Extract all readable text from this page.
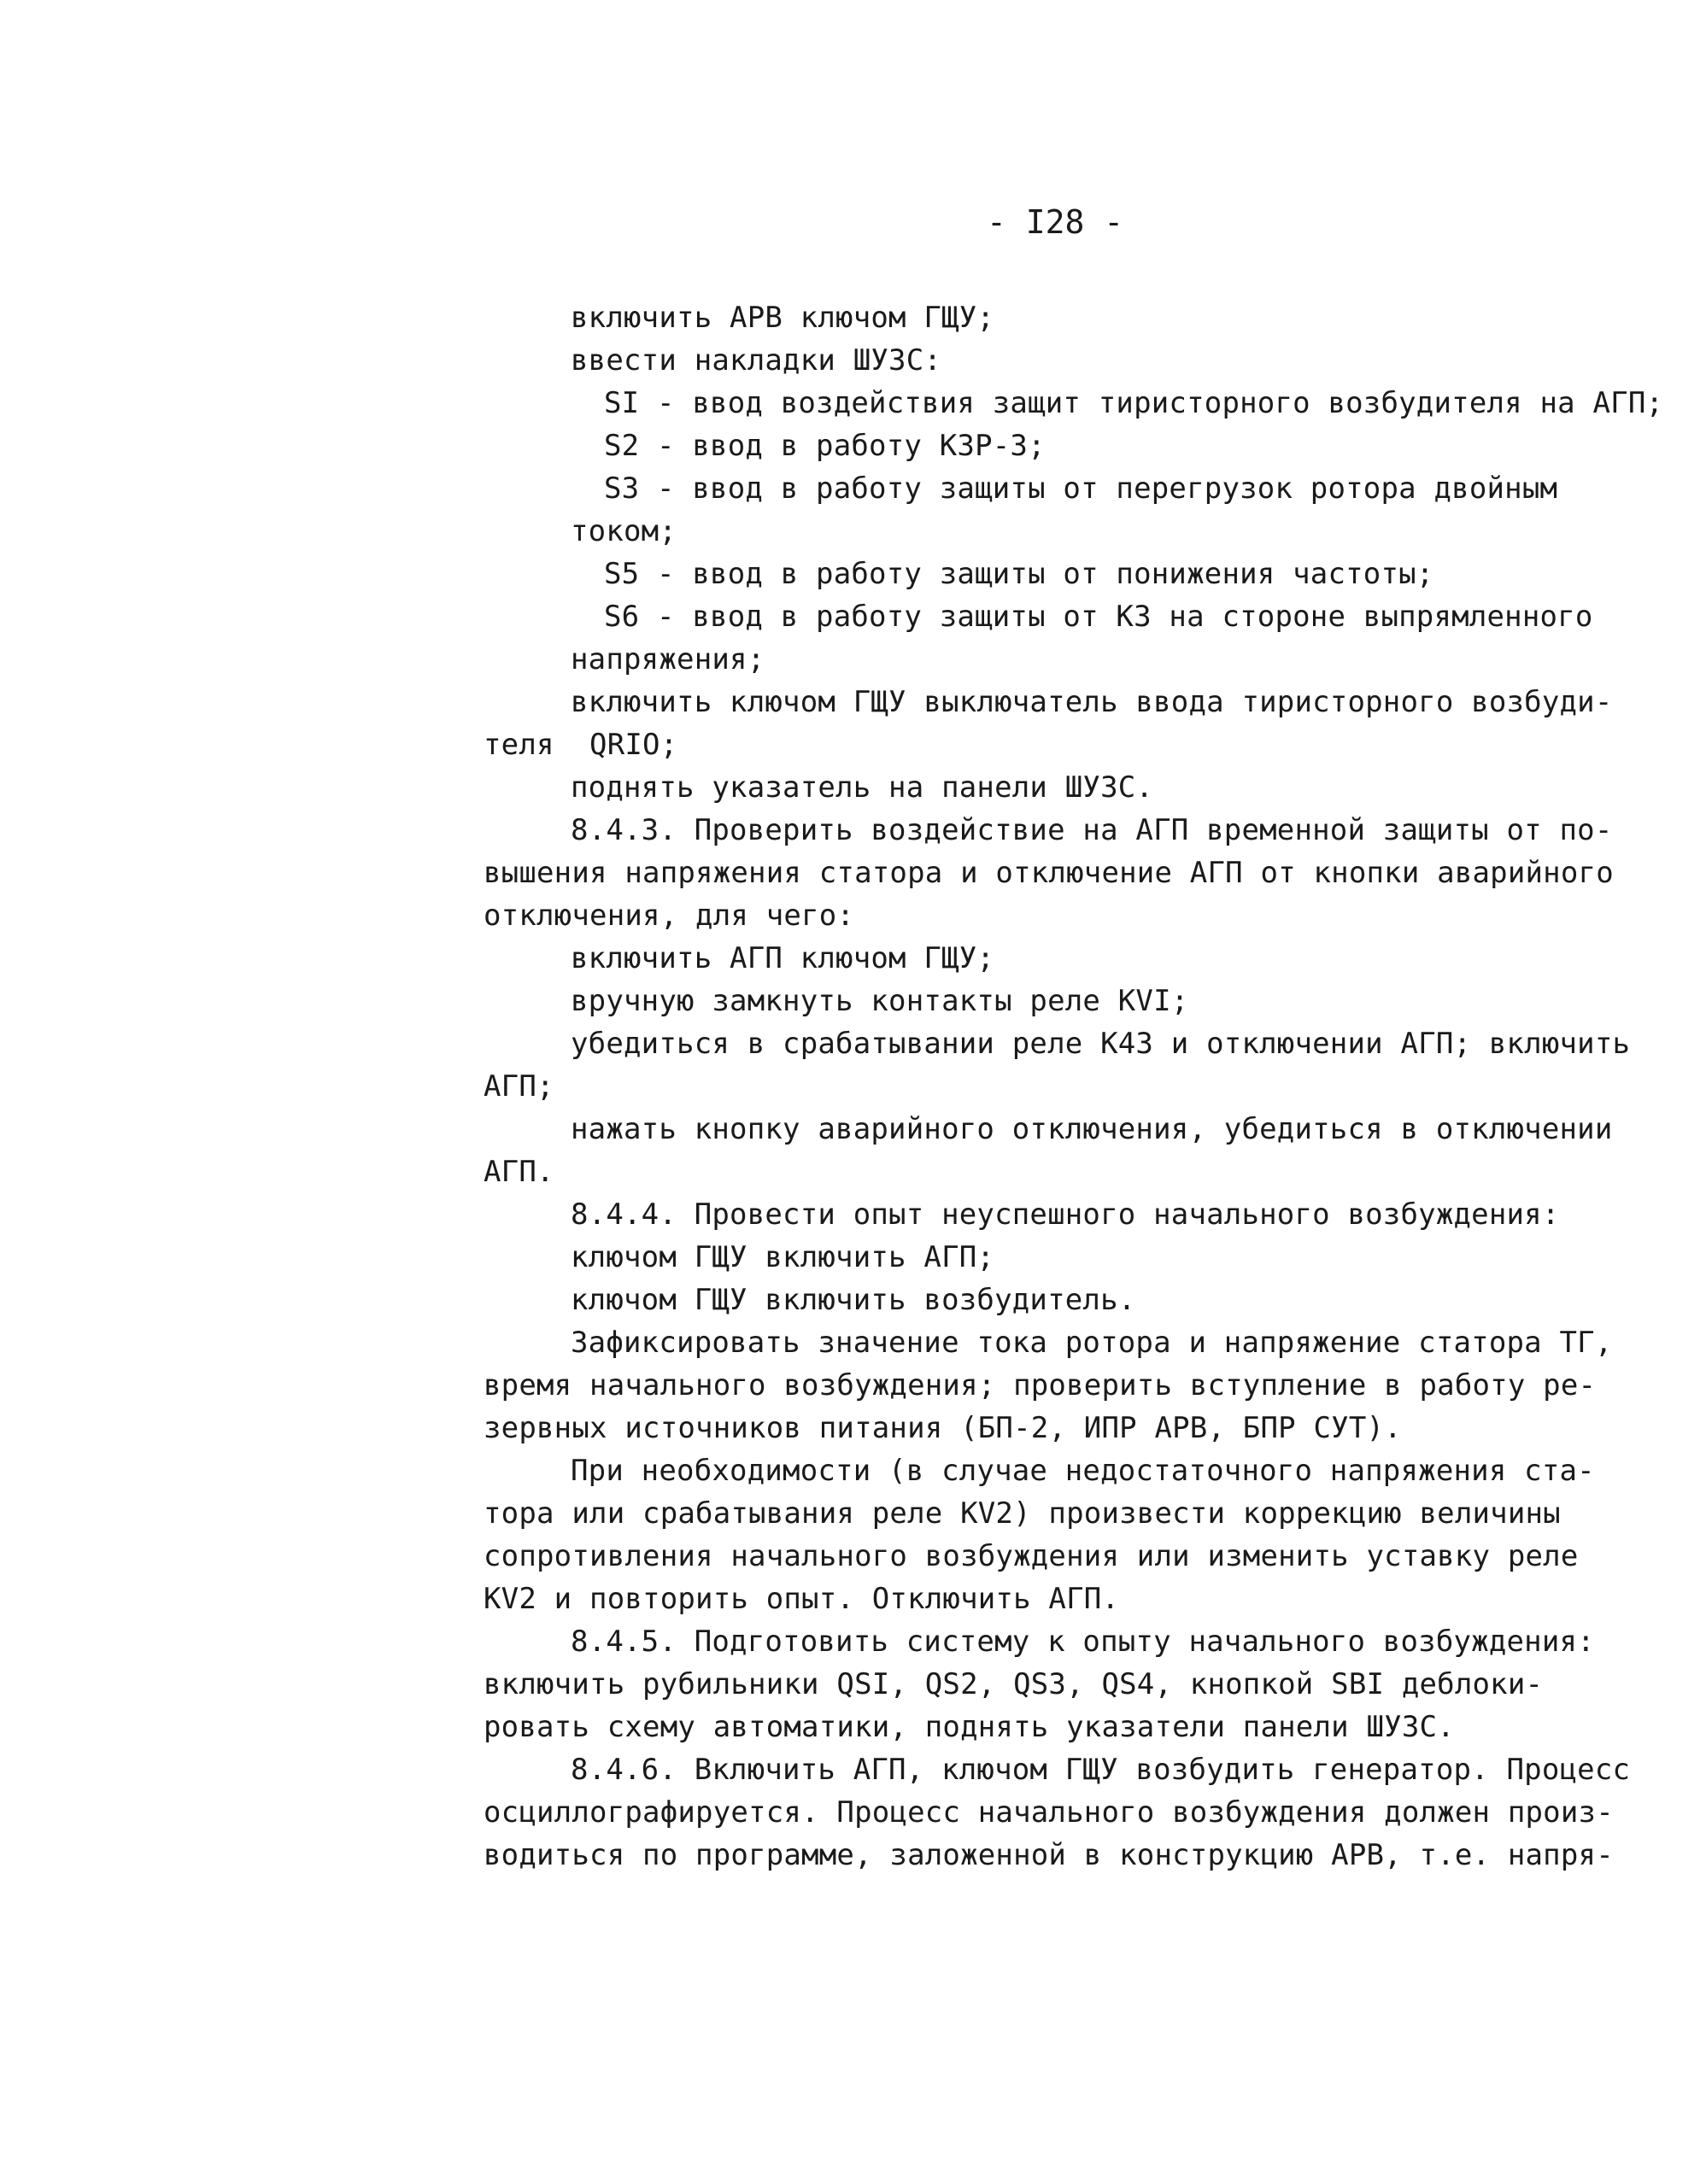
- I28 -
включить АРВ ключом ГЩУ;
ввести накладки ШУЗС:
SI - ввод воздействия защит тиристорного возбудителя на АГП;
S2 - ввод в работу КЗР-3;
S3 - ввод в работу защиты от перегрузок ротора двойным
током;
S5 - ввод в работу защиты от понижения частоты;
S6 - ввод в работу защиты от КЗ на стороне выпрямленного
напряжения;
включить ключом ГЩУ выключатель ввода тиристорного возбуди-
теля  QRIO;
поднять указатель на панели ШУЗС.
8.4.3. Проверить воздействие на АГП временной защиты от по-
вышения напряжения статора и отключение АГП от кнопки аварийного
отключения, для чего:
включить АГП ключом ГЩУ;
вручную замкнуть контакты реле KVI;
убедиться в срабатывании реле К43 и отключении АГП; включить
АГП;
нажать кнопку аварийного отключения, убедиться в отключении
АГП.
8.4.4. Провести опыт неуспешного начального возбуждения:
ключом ГЩУ включить АГП;
ключом ГЩУ включить возбудитель.
Зафиксировать значение тока ротора и напряжение статора ТГ,
время начального возбуждения; проверить вступление в работу ре-
зервных источников питания (БП-2, ИПР АРВ, БПР СУТ).
При необходимости (в случае недостаточного напряжения ста-
тора или срабатывания реле KV2) произвести коррекцию величины
сопротивления начального возбуждения или изменить уставку реле
KV2 и повторить опыт. Отключить АГП.
8.4.5. Подготовить систему к опыту начального возбуждения:
включить рубильники QSI, QS2, QS3, QS4, кнопкой SBI деблоки-
ровать схему автоматики, поднять указатели панели ШУЗС.
8.4.6. Включить АГП, ключом ГЩУ возбудить генератор. Процесс
осциллографируется. Процесс начального возбуждения должен произ-
водиться по программе, заложенной в конструкцию АРВ, т.е. напря-
